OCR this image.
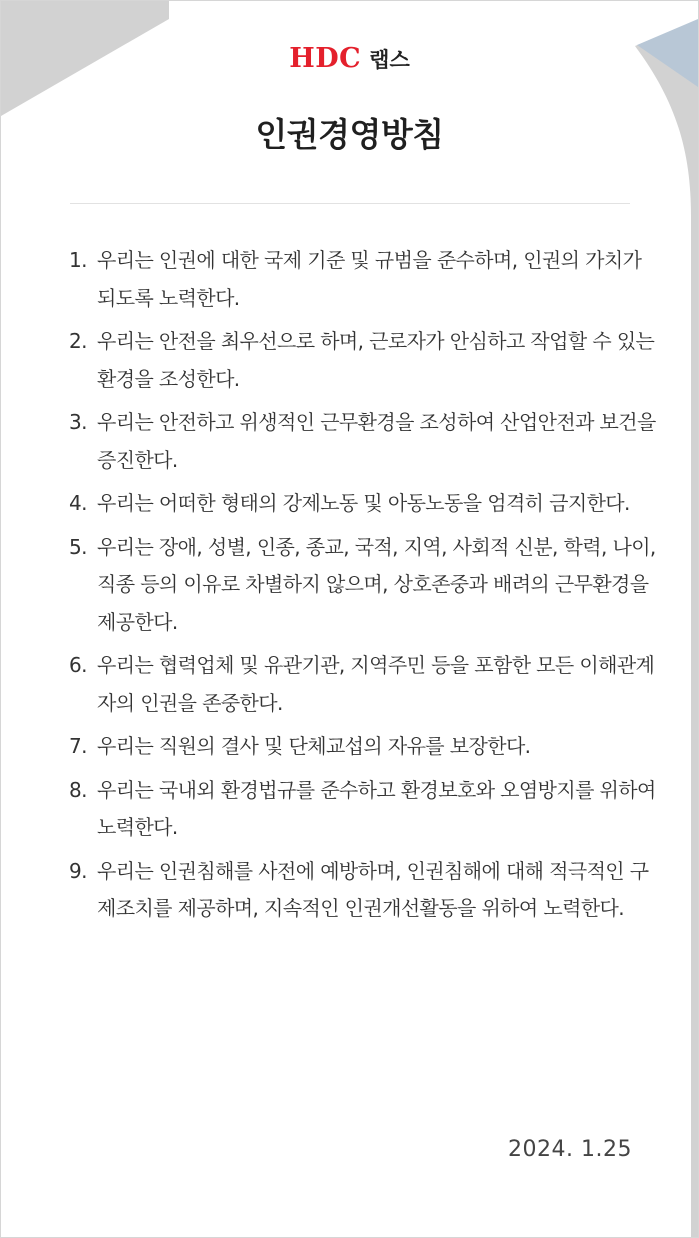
HDC 랩스
인권경영방침
1. 우리는 인권에 대한 국제 기준 및 규범을 준수하며, 인권의 가치가 되도록 노력한다.
2. 우리는 안전을 최우선으로 하며, 근로자가 안심하고 작업할 수 있는 환경을 조성한다.
3. 우리는 안전하고 위생적인 근무환경을 조성하여 산업안전과 보건을 증진한다.
4. 우리는 어떠한 형태의 강제노동 및 아동노동을 엄격히 금지한다.
5. 우리는 장애, 성별, 인종, 종교, 국적, 지역, 사회적 신분, 학력, 나이, 직종 등의 이유로 차별하지 않으며, 상호존중과 배려의 근무환경을 제공한다.
6. 우리는 협력업체 및 유관기관, 지역주민 등을 포함한 모든 이해관계자의 인권을 존중한다.
7. 우리는 직원의 결사 및 단체교섭의 자유를 보장한다.
8. 우리는 국내외 환경법규를 준수하고 환경보호와 오염방지를 위하여 노력한다.
9. 우리는 인권침해를 사전에 예방하며, 인권침해에 대해 적극적인 구제조치를 제공하며, 지속적인 인권개선활동을 위하여 노력한다.
2024. 1.25
